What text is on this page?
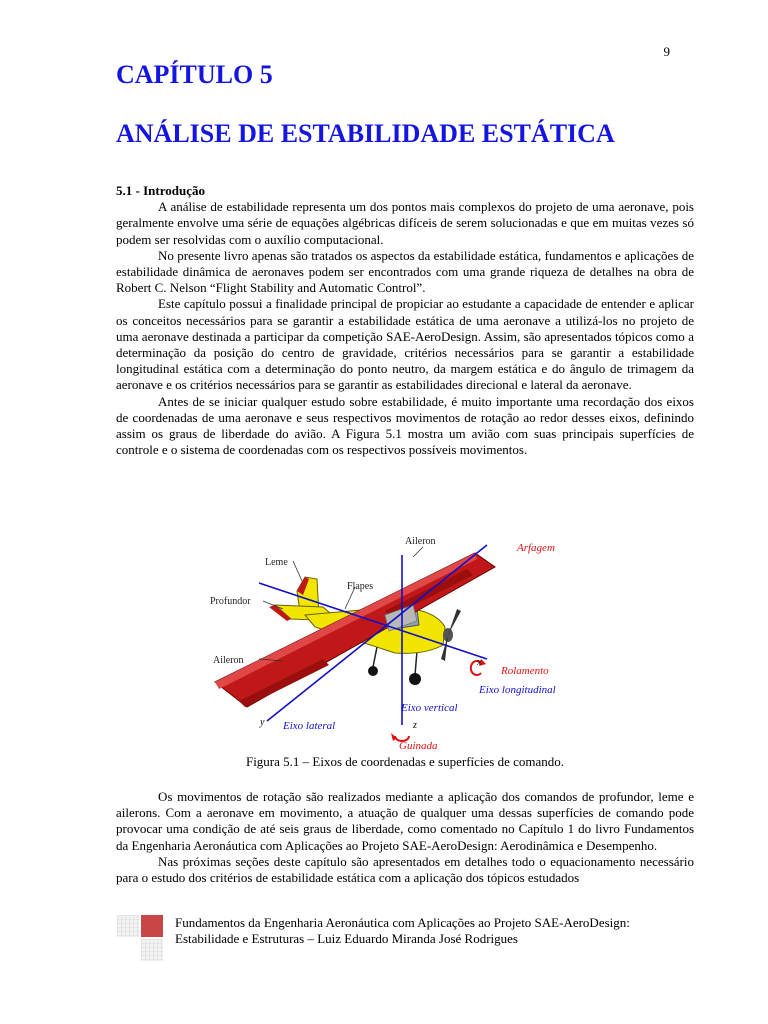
9
CAPÍTULO 5
ANÁLISE DE ESTABILIDADE ESTÁTICA

5.1 - Introdução

A análise de estabilidade representa um dos pontos mais complexos do projeto de uma aeronave, pois geralmente envolve uma série de equações algébricas difíceis de serem solucionadas e que em muitas vezes só podem ser resolvidas com o auxílio computacional.

No presente livro apenas são tratados os aspectos da estabilidade estática, fundamentos e aplicações de estabilidade dinâmica de aeronaves podem ser encontrados com uma grande riqueza de detalhes na obra de Robert C. Nelson “Flight Stability and Automatic Control”.

Este capítulo possui a finalidade principal de propiciar ao estudante a capacidade de entender e aplicar os conceitos necessários para se garantir a estabilidade estática de uma aeronave a utilizá-los no projeto de uma aeronave destinada a participar da competição SAE-AeroDesign. Assim, são apresentados tópicos como a determinação da posição do centro de gravidade, critérios necessários para se garantir a estabilidade longitudinal estática com a determinação do ponto neutro, da margem estática e do ângulo de trimagem da aeronave e os critérios necessários para se garantir as estabilidades direcional e lateral da aeronave.

Antes de se iniciar qualquer estudo sobre estabilidade, é muito importante uma recordação dos eixos de coordenadas de uma aeronave e seus respectivos movimentos de rotação ao redor desses eixos, definindo assim os graus de liberdade do avião. A Figura 5.1 mostra um avião com suas principais superfícies de controle e o sistema de coordenadas com os respectivos possíveis movimentos.

Aileron
Leme
Flapes
Profundor
Aileron
Arfagem
x
Rolamento
Eixo longitudinal
y Eixo lateral
Eixo vertical
z
Guinada
Figura 5.1 – Eixos de coordenadas e superfícies de comando.

Os movimentos de rotação são realizados mediante a aplicação dos comandos de profundor, leme e ailerons. Com a aeronave em movimento, a atuação de qualquer uma dessas superfícies de comando pode provocar uma condição de até seis graus de liberdade, como comentado no Capítulo 1 do livro Fundamentos da Engenharia Aeronáutica com Aplicações ao Projeto SAE-AeroDesign: Aerodinâmica e Desempenho.

Nas próximas seções deste capítulo são apresentados em detalhes todo o equacionamento necessário para o estudo dos critérios de estabilidade estática com a aplicação dos tópicos estudados

Fundamentos da Engenharia Aeronáutica com Aplicações ao Projeto SAE-AeroDesign:
Estabilidade e Estruturas – Luiz Eduardo Miranda José Rodrigues
